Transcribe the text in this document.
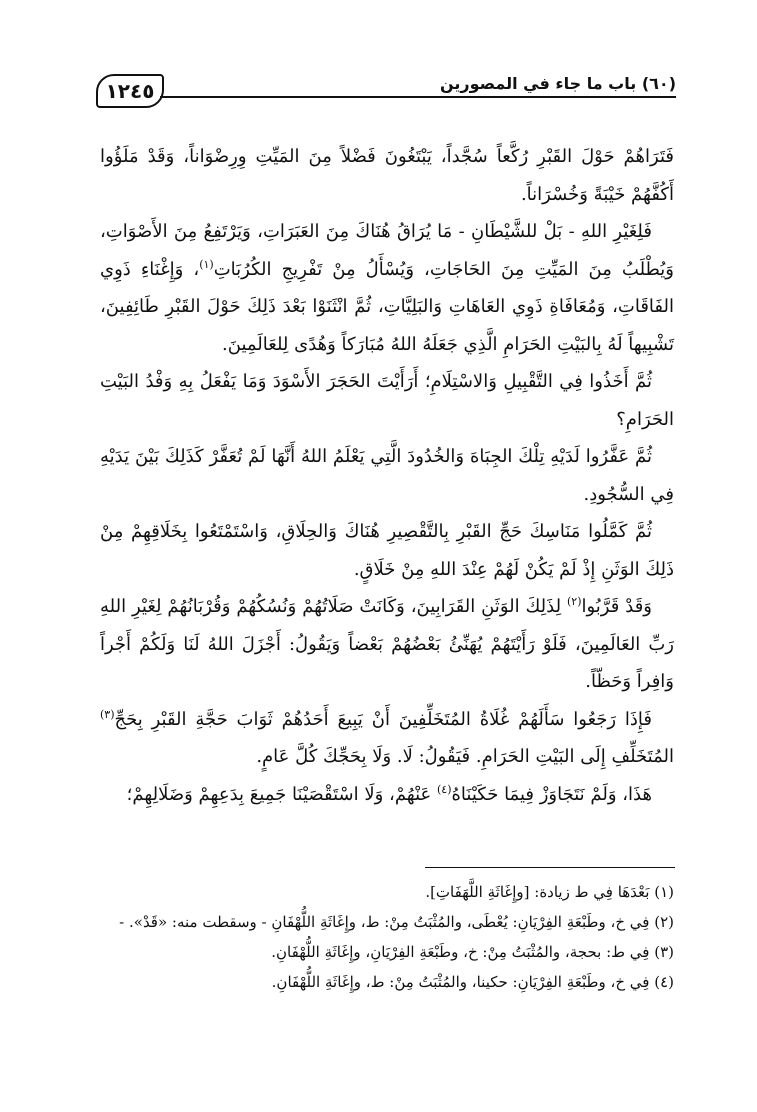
١٢٤٥	(٦٠) باب ما جاء في المصورين

فَتَرَاهُمْ حَوْلَ القَبْرِ رُكَّعاً سُجَّداً، يَبْتَغُونَ فَضْلاً مِنَ المَيِّتِ وِرِضْوَاناً، وَقَدْ مَلَؤُوا أَكُفَّهُمْ خَيْبَةً وَخُسْرَاناً.

فَلِغَيْرِ اللهِ - بَلْ للشَّيْطَانِ - مَا يُرَاقُ هُنَاكَ مِنَ العَبَرَاتِ، وَيَرْتَفِعُ مِنَ الأَصْوَاتِ، وَيُطْلَبُ مِنَ المَيِّتِ مِنَ الحَاجَاتِ، وَيُسْأَلُ مِنْ تَفْرِيجِ الكُرُبَاتِ$^{(١)}$، وَإِغْنَاءِ ذَوِي الفَاقَاتِ، وَمُعَافَاةِ ذَوِي العَاهَاتِ وَالبَلِيَّاتِ، ثُمَّ انْثَنَوْا بَعْدَ ذَلِكَ حَوْلَ القَبْرِ طَائِفِينَ، تَشْبِيهاً لَهُ بِالبَيْتِ الحَرَامِ الَّذِي جَعَلَهُ اللهُ مُبَارَكاً وَهُدًى لِلعَالَمِينَ.

ثُمَّ أَخَذُوا فِي التَّقْبِيلِ وَالاسْتِلَامِ؛ أَرَأَيْتَ الحَجَرَ الأَسْوَدَ وَمَا يَفْعَلُ بِهِ وَفْدُ البَيْتِ الحَرَامِ؟

ثُمَّ عَفَّرُوا لَدَيْهِ تِلْكَ الجِبَاهَ وَالخُدُودَ الَّتِي يَعْلَمُ اللهُ أَنَّهَا لَمْ تُعَفَّرْ كَذَلِكَ بَيْنَ يَدَيْهِ فِي السُّجُودِ.

ثُمَّ كَمَّلُوا مَنَاسِكَ حَجِّ القَبْرِ بِالتَّقْصِيرِ هُنَاكَ وَالحِلَاقِ، وَاسْتَمْتَعُوا بِخَلَاقِهِمْ مِنْ ذَلِكَ الوَثَنِ إِذْ لَمْ يَكُنْ لَهُمْ عِنْدَ اللهِ مِنْ خَلَاقٍ.

وَقَدْ قَرَّبُوا$^{(٢)}$ لِذَلِكَ الوَثَنِ القَرَابِينَ، وَكَانَتْ صَلَاتُهُمْ وَنُسُكُهُمْ وَقُرْبَانُهُمْ لِغَيْرِ اللهِ رَبِّ العَالَمِينَ، فَلَوْ رَأَيْتَهُمْ يُهَنِّئُ بَعْضُهُمْ بَعْضاً وَيَقُولُ: أَجْزَلَ اللهُ لَنَا وَلَكُمْ أَجْراً وَافِراً وَحَظّاً.

فَإِذَا رَجَعُوا سَأَلَهُمْ غُلَاةُ المُتَخَلِّفِينَ أَنْ يَبِيعَ أَحَدُهُمْ ثَوَابَ حَجَّةِ القَبْرِ بِحَجِّ$^{(٣)}$ المُتَخَلِّفِ إِلَى البَيْتِ الحَرَامِ. فَيَقُولُ: لَا. وَلَا بِحَجِّكَ كُلَّ عَامٍ.

هَذَا، وَلَمْ نَتَجَاوَزْ فِيمَا حَكَيْنَاهُ$^{(٤)}$ عَنْهُمْ، وَلَا اسْتَقْصَيْنَا جَمِيعَ بِدَعِهِمْ وَضَلَالِهِمْ؛

(١) بَعْدَهَا فِي ط زيادة: [وإِغَاثَةِ اللَّهَفَاتِ].

(٢) فِي خ، وطَبْعَةِ الفِرْيَانِ: يُعْطَى، والمُثْبَتُ مِنْ: ط، وإِغَاثَةِ اللُّهْفَانِ - وسقطت منه: «قَدْ». -

(٣) فِي ط: بحجة، والمُثْبَتُ مِنْ: خ، وطَبْعَةِ الفِرْيَانِ، وإِغَاثَةِ اللُّهْفَانِ.

(٤) فِي خ، وطَبْعَةِ الفِرْيَانِ: حكينا، والمُثْبَتُ مِنْ: ط، وإِغَاثَةِ اللُّهْفَانِ.
